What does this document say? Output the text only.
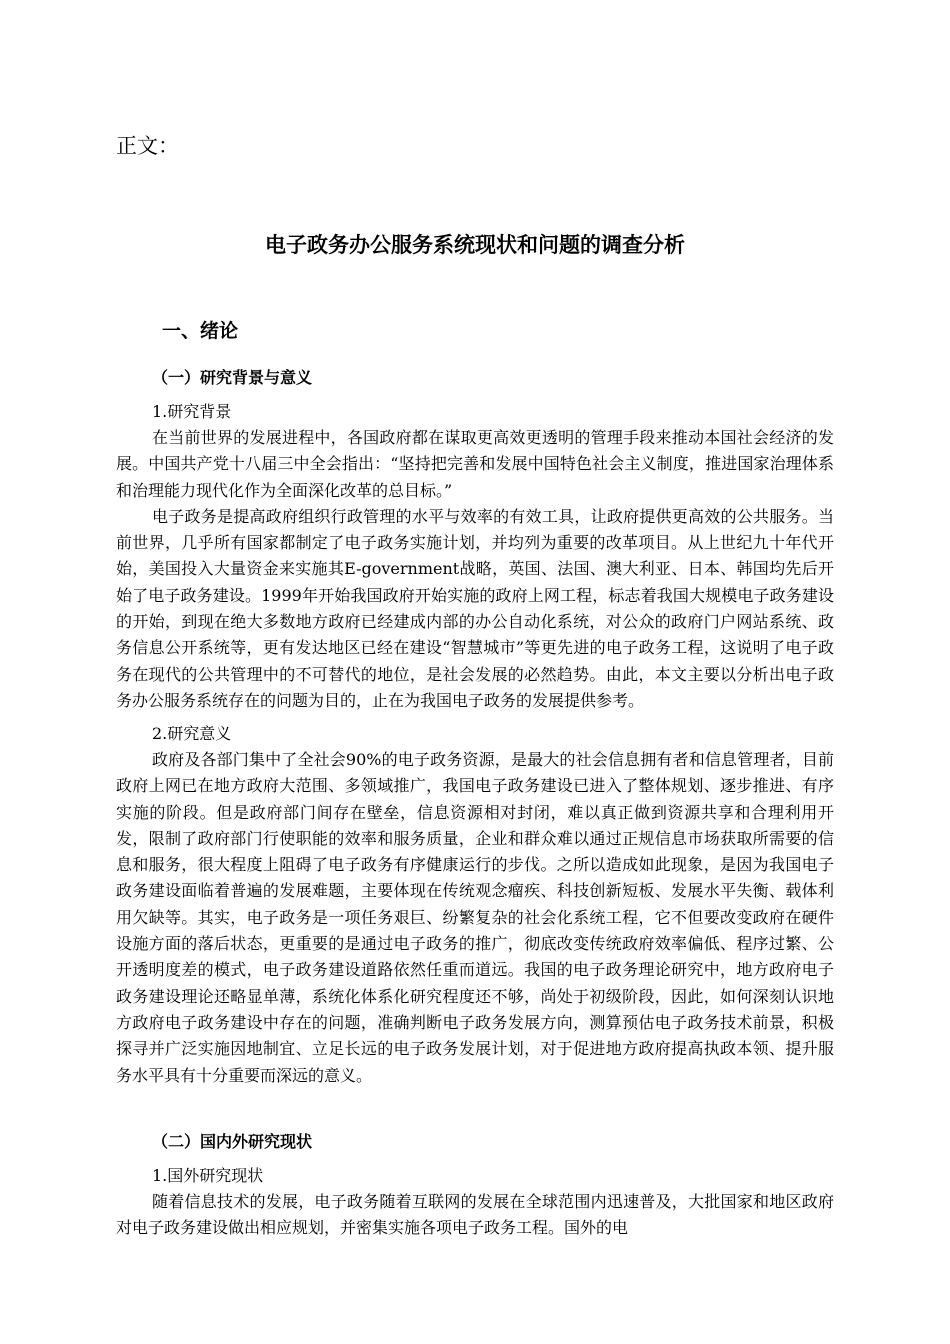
正文：
电子政务办公服务系统现状和问题的调查分析
一、绪论
（一）研究背景与意义
1.研究背景

在当前世界的发展进程中，各国政府都在谋取更高效更透明的管理手段来推动本国社会经济的发展。中国共产党十八届三中全会指出：“坚持把完善和发展中国特色社会主义制度，推进国家治理体系和治理能力现代化作为全面深化改革的总目标。”

电子政务是提高政府组织行政管理的水平与效率的有效工具，让政府提供更高效的公共服务。当前世界，几乎所有国家都制定了电子政务实施计划，并均列为重要的改革项目。从上世纪九十年代开始，美国投入大量资金来实施其E-government战略，英国、法国、澳大利亚、日本、韩国均先后开始了电子政务建设。1999年开始我国政府开始实施的政府上网工程，标志着我国大规模电子政务建设的开始，到现在绝大多数地方政府已经建成内部的办公自动化系统，对公众的政府门户网站系统、政务信息公开系统等，更有发达地区已经在建设“智慧城市”等更先进的电子政务工程，这说明了电子政务在现代的公共管理中的不可替代的地位，是社会发展的必然趋势。由此，本文主要以分析出电子政务办公服务系统存在的问题为目的，止在为我国电子政务的发展提供参考。

2.研究意义

政府及各部门集中了全社会90%的电子政务资源，是最大的社会信息拥有者和信息管理者，目前政府上网已在地方政府大范围、多领域推广，我国电子政务建设已进入了整体规划、逐步推进、有序实施的阶段。但是政府部门间存在壁垒，信息资源相对封闭，难以真正做到资源共享和合理利用开发，限制了政府部门行使职能的效率和服务质量，企业和群众难以通过正规信息市场获取所需要的信息和服务，很大程度上阻碍了电子政务有序健康运行的步伐。之所以造成如此现象，是因为我国电子政务建设面临着普遍的发展难题，主要体现在传统观念瘤疾、科技创新短板、发展水平失衡、载体利用欠缺等。其实，电子政务是一项任务艰巨、纷繁复杂的社会化系统工程，它不但要改变政府在硬件设施方面的落后状态，更重要的是通过电子政务的推广，彻底改变传统政府效率偏低、程序过繁、公开透明度差的模式，电子政务建设道路依然任重而道远。我国的电子政务理论研究中，地方政府电子政务建设理论还略显单薄，系统化体系化研究程度还不够，尚处于初级阶段，因此，如何深刻认识地方政府电子政务建设中存在的问题，准确判断电子政务发展方向，测算预估电子政务技术前景，积极探寻并广泛实施因地制宜、立足长远的电子政务发展计划，对于促进地方政府提高执政本领、提升服务水平具有十分重要而深远的意义。

（二）国内外研究现状
1.国外研究现状

随着信息技术的发展，电子政务随着互联网的发展在全球范围内迅速普及，大批国家和地区政府对电子政务建设做出相应规划，并密集实施各项电子政务工程。国外的电
